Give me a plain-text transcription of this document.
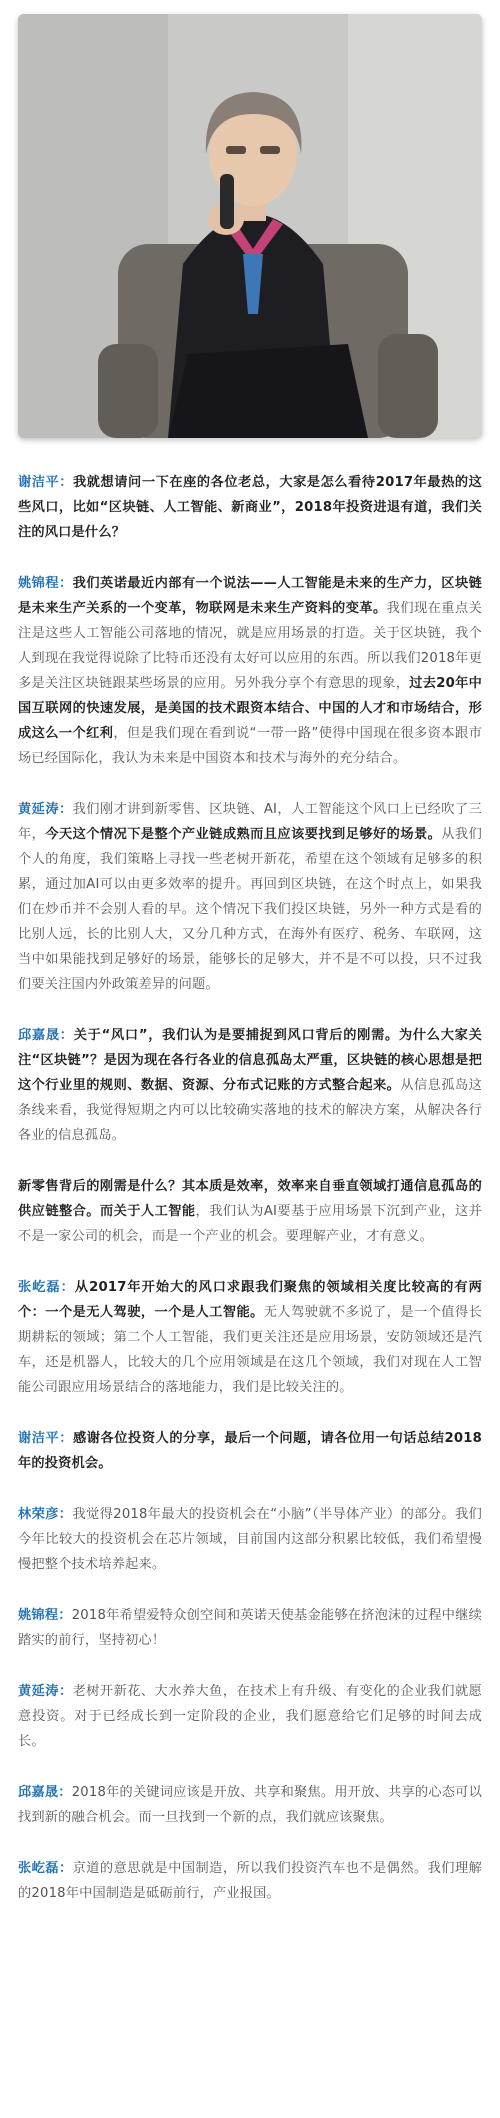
谢洁平：我就想请问一下在座的各位老总，大家是怎么看待2017年最热的这些风口，比如“区块链、人工智能、新商业”，2018年投资进退有道，我们关注的风口是什么？

姚锦程：我们英诺最近内部有一个说法——人工智能是未来的生产力，区块链是未来生产关系的一个变革，物联网是未来生产资料的变革。我们现在重点关注是这些人工智能公司落地的情况，就是应用场景的打造。关于区块链，我个人到现在我觉得说除了比特币还没有太好可以应用的东西。所以我们2018年更多是关注区块链跟某些场景的应用。另外我分享个有意思的现象，过去20年中国互联网的快速发展，是美国的技术跟资本结合、中国的人才和市场结合，形成这么一个红利，但是我们现在看到说“一带一路”使得中国现在很多资本跟市场已经国际化，我认为未来是中国资本和技术与海外的充分结合。

黄延涛：我们刚才讲到新零售、区块链、AI，人工智能这个风口上已经吹了三年，今天这个情况下是整个产业链成熟而且应该要找到足够好的场景。从我们个人的角度，我们策略上寻找一些老树开新花，希望在这个领域有足够多的积累，通过加AI可以由更多效率的提升。再回到区块链，在这个时点上，如果我们在炒币并不会别人看的早。这个情况下我们投区块链，另外一种方式是看的比别人远，长的比别人大，又分几种方式，在海外有医疗、税务、车联网，这当中如果能找到足够好的场景，能够长的足够大，并不是不可以投，只不过我们要关注国内外政策差异的问题。

邱嘉晟：关于“风口”，我们认为是要捕捉到风口背后的刚需。为什么大家关注“区块链”？是因为现在各行各业的信息孤岛太严重，区块链的核心思想是把这个行业里的规则、数据、资源、分布式记账的方式整合起来。从信息孤岛这条线来看，我觉得短期之内可以比较确实落地的技术的解决方案，从解决各行各业的信息孤岛。

新零售背后的刚需是什么？其本质是效率，效率来自垂直领域打通信息孤岛的供应链整合。而关于人工智能，我们认为AI要基于应用场景下沉到产业，这并不是一家公司的机会，而是一个产业的机会。要理解产业，才有意义。

张屹磊：从2017年开始大的风口求跟我们聚焦的领域相关度比较高的有两个：一个是无人驾驶，一个是人工智能。无人驾驶就不多说了，是一个值得长期耕耘的领域；第二个人工智能，我们更关注还是应用场景，安防领域还是汽车，还是机器人，比较大的几个应用领域是在这几个领域，我们对现在人工智能公司跟应用场景结合的落地能力，我们是比较关注的。

谢洁平：感谢各位投资人的分享，最后一个问题，请各位用一句话总结2018年的投资机会。

林荣彦：我觉得2018年最大的投资机会在“小脑”（半导体产业）的部分。我们今年比较大的投资机会在芯片领域，目前国内这部分积累比较低，我们希望慢慢把整个技术培养起来。

姚锦程：2018年希望爱特众创空间和英诺天使基金能够在挤泡沫的过程中继续踏实的前行，坚持初心！

黄延涛：老树开新花、大水养大鱼，在技术上有升级、有变化的企业我们就愿意投资。对于已经成长到一定阶段的企业，我们愿意给它们足够的时间去成长。

邱嘉晟：2018年的关键词应该是开放、共享和聚焦。用开放、共享的心态可以找到新的融合机会。而一旦找到一个新的点，我们就应该聚焦。

张屹磊：京道的意思就是中国制造，所以我们投资汽车也不是偶然。我们理解的2018年中国制造是砥砺前行，产业报国。
